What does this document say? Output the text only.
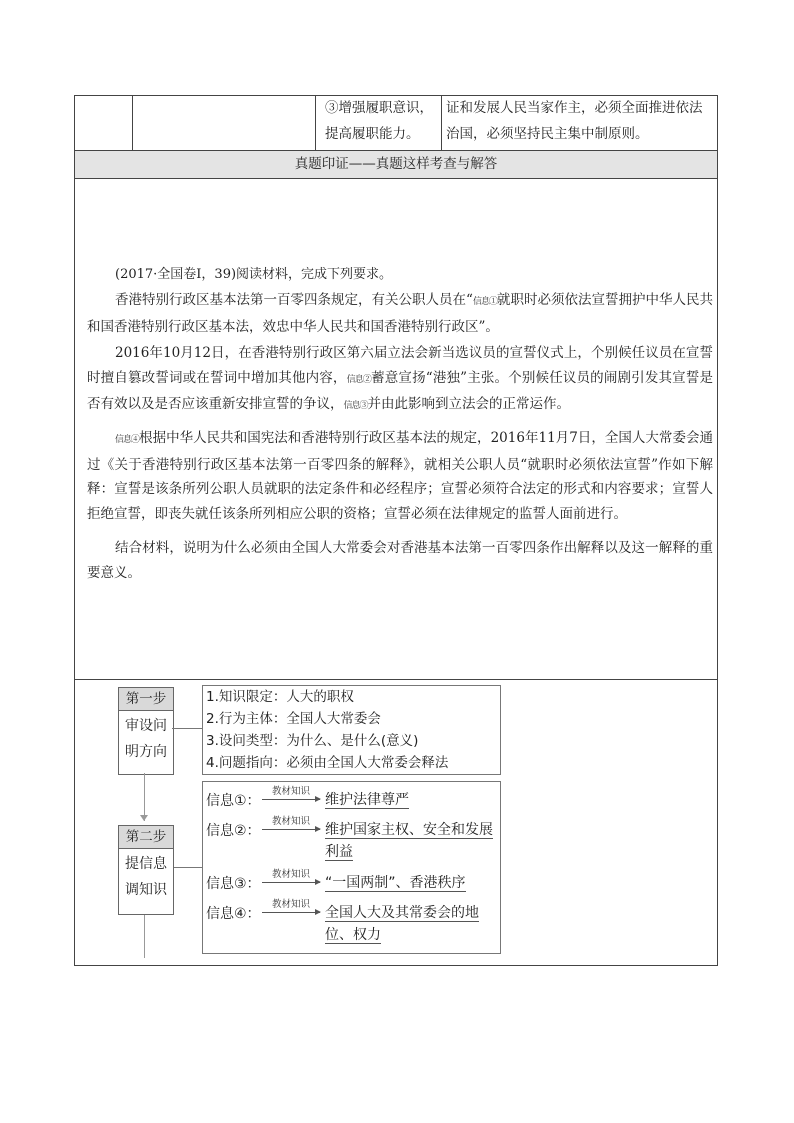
③增强履职意识，
提高履职能力。
证和发展人民当家作主，必须全面推进依法
治国，必须坚持民主集中制原则。
真题印证——真题这样考查与解答
(2017·全国卷Ⅰ，39)阅读材料，完成下列要求。
香港特别行政区基本法第一百零四条规定，有关公职人员在“信息①就职时必须依法宣誓拥护中华人民共和国香港特别行政区基本法，效忠中华人民共和国香港特别行政区”。
2016年10月12日，在香港特别行政区第六届立法会新当选议员的宣誓仪式上，个别候任议员在宣誓时擅自篡改誓词或在誓词中增加其他内容，信息②蓄意宣扬“港独”主张。个别候任议员的闹剧引发其宣誓是否有效以及是否应该重新安排宣誓的争议，信息③并由此影响到立法会的正常运作。
信息④根据中华人民共和国宪法和香港特别行政区基本法的规定，2016年11月7日，全国人大常委会通过《关于香港特别行政区基本法第一百零四条的解释》，就相关公职人员“就职时必须依法宣誓”作如下解释：宣誓是该条所列公职人员就职的法定条件和必经程序；宣誓必须符合法定的形式和内容要求；宣誓人拒绝宣誓，即丧失就任该条所列相应公职的资格；宣誓必须在法律规定的监誓人面前进行。
结合材料，说明为什么必须由全国人大常委会对香港基本法第一百零四条作出解释以及这一解释的重要意义。
第一步
审设问
明方向
1.知识限定：人大的职权
2.行为主体：全国人大常委会
3.设问类型：为什么、是什么(意义)
4.问题指向：必须由全国人大常委会释法
第二步
提信息
调知识
信息①：
教材知识
维护法律尊严
信息②：
教材知识
维护国家主权、安全和发展
利益
信息③：
教材知识
“一国两制”、香港秩序
信息④：
教材知识
全国人大及其常委会的地
位、权力
